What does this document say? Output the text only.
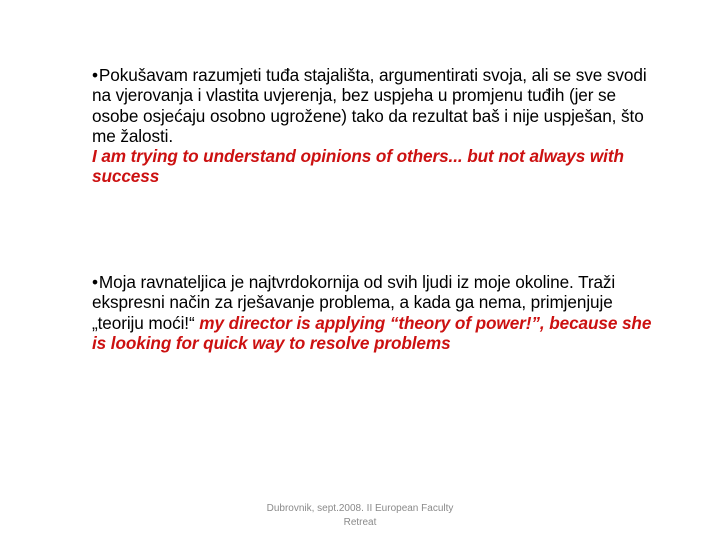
•Pokušavam razumjeti tuđa stajališta, argumentirati svoja, ali se sve svodi na vjerovanja i vlastita uvjerenja, bez uspjeha u promjenu tuđih (jer se osobe osjećaju osobno ugrožene) tako da rezultat baš i nije uspješan, što me žalosti.
I am trying to understand opinions of others... but not always with success
•Moja ravnateljica je najtvrdokornija od svih ljudi iz moje okoline. Traži ekspresni način za rješavanje problema, a kada ga nema, primjenjuje „teoriju moći!“ my director is applying “theory of power!”, because she is looking for quick way to resolve problems
Dubrovnik, sept.2008. II European Faculty
Retreat
